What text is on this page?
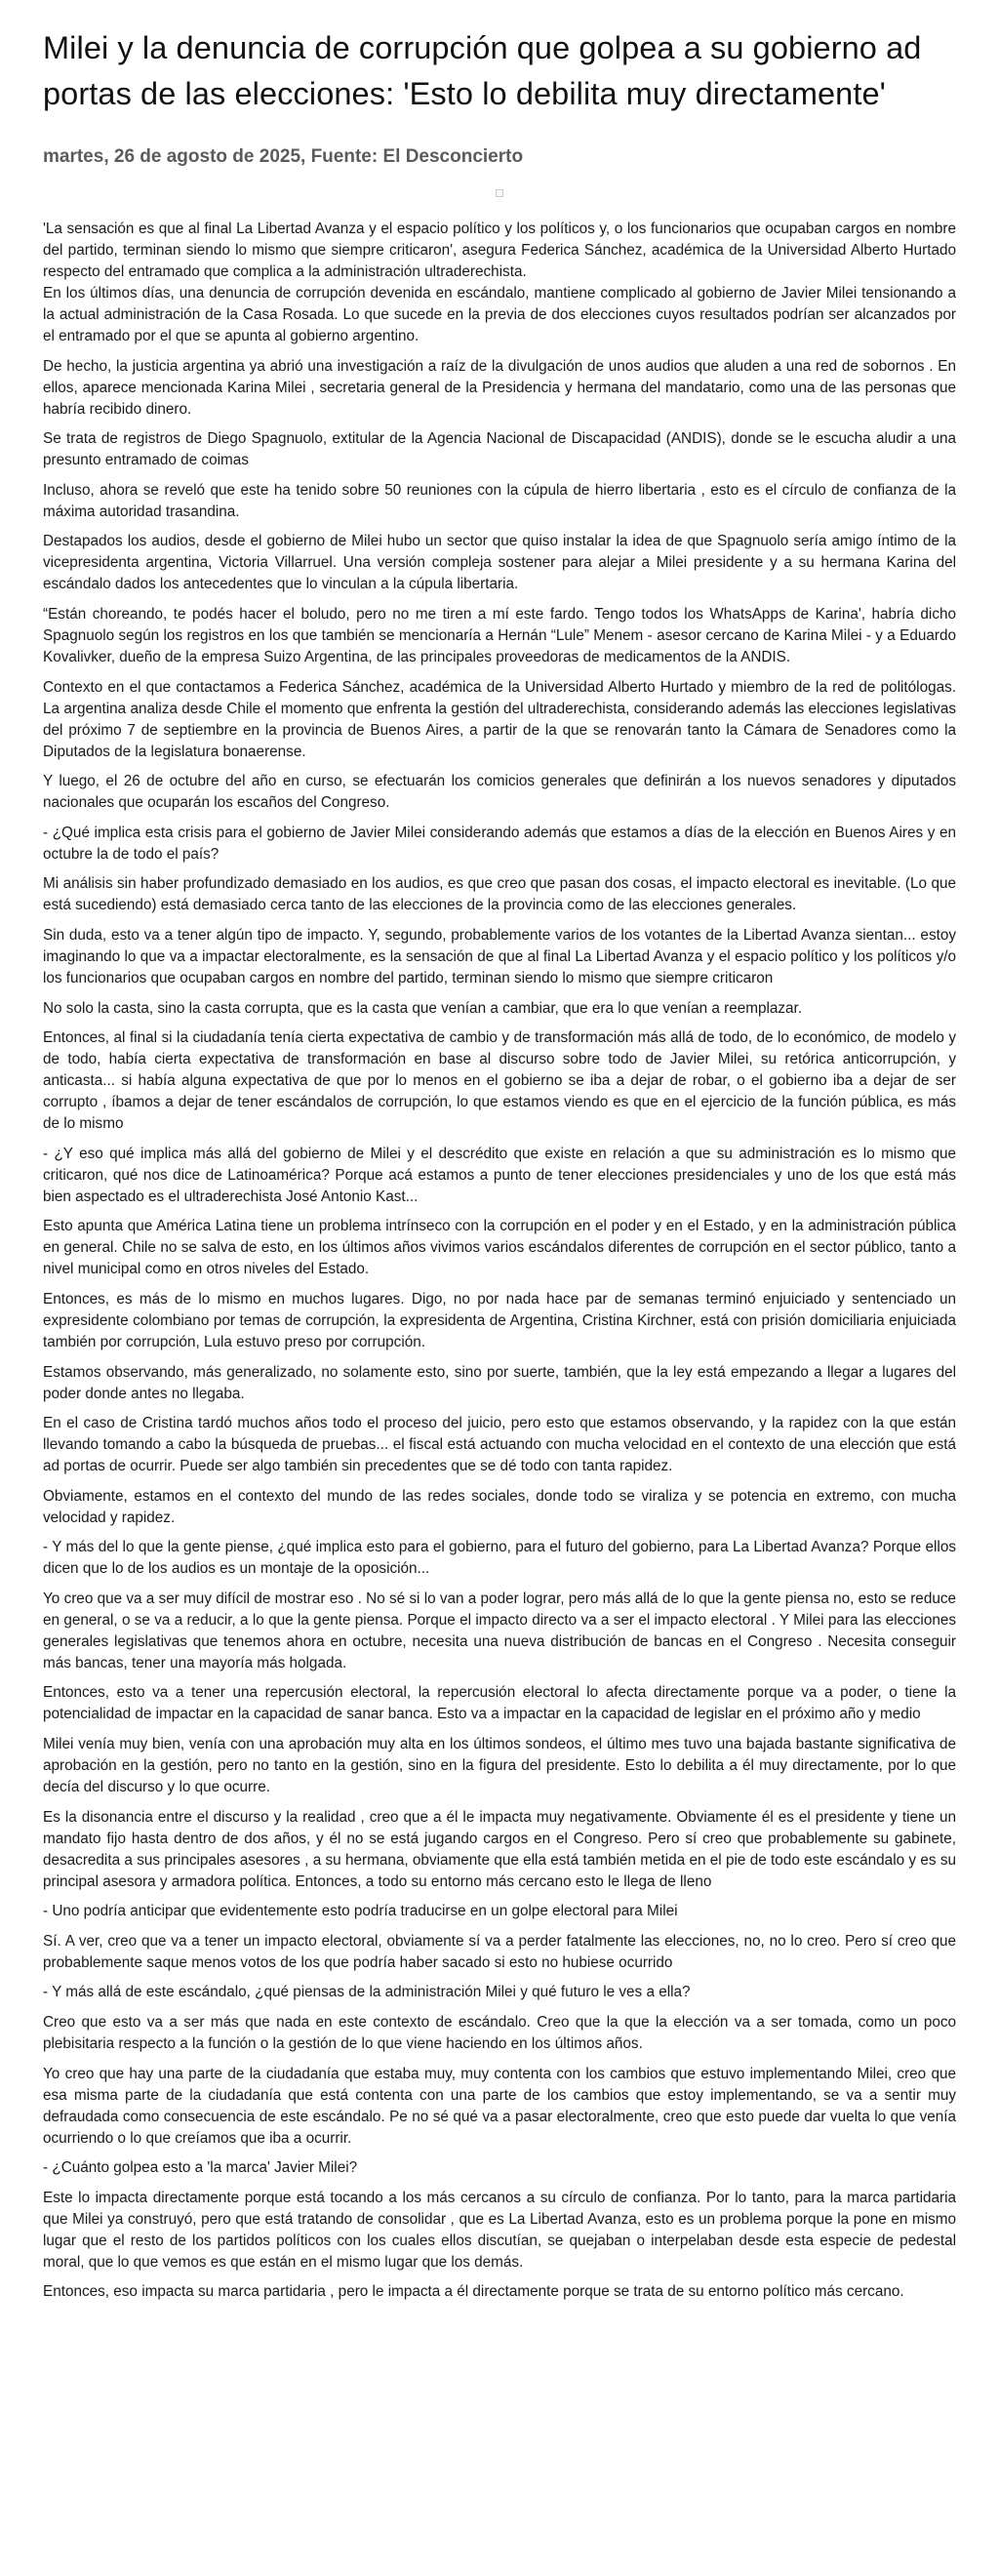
Milei y la denuncia de corrupción que golpea a su gobierno ad portas de las elecciones: 'Esto lo debilita muy directamente'
martes, 26 de agosto de 2025, Fuente: El Desconcierto

'La sensación es que al final La Libertad Avanza y el espacio político y los políticos y, o los funcionarios que ocupaban cargos en nombre del partido, terminan siendo lo mismo que siempre criticaron', asegura Federica Sánchez, académica de la Universidad Alberto Hurtado respecto del entramado que complica a la administración ultraderechista.

En los últimos días, una denuncia de corrupción devenida en escándalo, mantiene complicado al gobierno de Javier Milei tensionando a la actual administración de la Casa Rosada. Lo que sucede en la previa de dos elecciones cuyos resultados podrían ser alcanzados por el entramado por el que se apunta al gobierno argentino.

De hecho, la justicia argentina ya abrió una investigación a raíz de la divulgación de unos audios que aluden a una red de sobornos . En ellos, aparece mencionada Karina Milei , secretaria general de la Presidencia y hermana del mandatario, como una de las personas que habría recibido dinero.

Se trata de registros de Diego Spagnuolo, extitular de la Agencia Nacional de Discapacidad (ANDIS), donde se le escucha aludir a una presunto entramado de coimas

Incluso, ahora se reveló que este ha tenido sobre 50 reuniones con la cúpula de hierro libertaria , esto es el círculo de confianza de la máxima autoridad trasandina.

Destapados los audios, desde el gobierno de Milei hubo un sector que quiso instalar la idea de que Spagnuolo sería amigo íntimo de la vicepresidenta argentina, Victoria Villarruel. Una versión compleja sostener para alejar a Milei presidente y a su hermana Karina del escándalo dados los antecedentes que lo vinculan a la cúpula libertaria.

“Están choreando, te podés hacer el boludo, pero no me tiren a mí este fardo. Tengo todos los WhatsApps de Karina', habría dicho Spagnuolo según los registros en los que también se mencionaría a Hernán “Lule” Menem - asesor cercano de Karina Milei - y a Eduardo Kovalivker, dueño de la empresa Suizo Argentina, de las principales proveedoras de medicamentos de la ANDIS.

Contexto en el que contactamos a Federica Sánchez, académica de la Universidad Alberto Hurtado y miembro de la red de politólogas. La argentina analiza desde Chile el momento que enfrenta la gestión del ultraderechista, considerando además las elecciones legislativas del próximo 7 de septiembre en la provincia de Buenos Aires, a partir de la que se renovarán tanto la Cámara de Senadores como la Diputados de la legislatura bonaerense.

Y luego, el 26 de octubre del año en curso, se efectuarán los comicios generales que definirán a los nuevos senadores y diputados nacionales que ocuparán los escaños del Congreso.

- ¿Qué implica esta crisis para el gobierno de Javier Milei considerando además que estamos a días de la elección en Buenos Aires y en octubre la de todo el país?

Mi análisis sin haber profundizado demasiado en los audios, es que creo que pasan dos cosas, el impacto electoral es inevitable. (Lo que está sucediendo) está demasiado cerca tanto de las elecciones de la provincia como de las elecciones generales.

Sin duda, esto va a tener algún tipo de impacto. Y, segundo, probablemente varios de los votantes de la Libertad Avanza sientan... estoy imaginando lo que va a impactar electoralmente, es la sensación de que al final La Libertad Avanza y el espacio político y los políticos y/o los funcionarios que ocupaban cargos en nombre del partido, terminan siendo lo mismo que siempre criticaron

No solo la casta, sino la casta corrupta, que es la casta que venían a cambiar, que era lo que venían a reemplazar.

Entonces, al final si la ciudadanía tenía cierta expectativa de cambio y de transformación más allá de todo, de lo económico, de modelo y de todo, había cierta expectativa de transformación en base al discurso sobre todo de Javier Milei, su retórica anticorrupción, y anticasta... si había alguna expectativa de que por lo menos en el gobierno se iba a dejar de robar, o el gobierno iba a dejar de ser corrupto , íbamos a dejar de tener escándalos de corrupción, lo que estamos viendo es que en el ejercicio de la función pública, es más de lo mismo

- ¿Y eso qué implica más allá del gobierno de Milei y el descrédito que existe en relación a que su administración es lo mismo que criticaron, qué nos dice de Latinoamérica? Porque acá estamos a punto de tener elecciones presidenciales y uno de los que está más bien aspectado es el ultraderechista José Antonio Kast...

Esto apunta que América Latina tiene un problema intrínseco con la corrupción en el poder y en el Estado, y en la administración pública en general. Chile no se salva de esto, en los últimos años vivimos varios escándalos diferentes de corrupción en el sector público, tanto a nivel municipal como en otros niveles del Estado.

Entonces, es más de lo mismo en muchos lugares. Digo, no por nada hace par de semanas terminó enjuiciado y sentenciado un expresidente colombiano por temas de corrupción, la expresidenta de Argentina, Cristina Kirchner, está con prisión domiciliaria enjuiciada también por corrupción, Lula estuvo preso por corrupción.

Estamos observando, más generalizado, no solamente esto, sino por suerte, también, que la ley está empezando a llegar a lugares del poder donde antes no llegaba.

En el caso de Cristina tardó muchos años todo el proceso del juicio, pero esto que estamos observando, y la rapidez con la que están llevando tomando a cabo la búsqueda de pruebas... el fiscal está actuando con mucha velocidad en el contexto de una elección que está ad portas de ocurrir. Puede ser algo también sin precedentes que se dé todo con tanta rapidez.

Obviamente, estamos en el contexto del mundo de las redes sociales, donde todo se viraliza y se potencia en extremo, con mucha velocidad y rapidez.

- Y más del lo que la gente piense, ¿qué implica esto para el gobierno, para el futuro del gobierno, para La Libertad Avanza? Porque ellos dicen que lo de los audios es un montaje de la oposición...

Yo creo que va a ser muy difícil de mostrar eso . No sé si lo van a poder lograr, pero más allá de lo que la gente piensa no, esto se reduce en general, o se va a reducir, a lo que la gente piensa. Porque el impacto directo va a ser el impacto electoral . Y Milei para las elecciones generales legislativas que tenemos ahora en octubre, necesita una nueva distribución de bancas en el Congreso . Necesita conseguir más bancas, tener una mayoría más holgada.

Entonces, esto va a tener una repercusión electoral, la repercusión electoral lo afecta directamente porque va a poder, o tiene la potencialidad de impactar en la capacidad de sanar banca. Esto va a impactar en la capacidad de legislar en el próximo año y medio

Milei venía muy bien, venía con una aprobación muy alta en los últimos sondeos, el último mes tuvo una bajada bastante significativa de aprobación en la gestión, pero no tanto en la gestión, sino en la figura del presidente. Esto lo debilita a él muy directamente, por lo que decía del discurso y lo que ocurre.

Es la disonancia entre el discurso y la realidad , creo que a él le impacta muy negativamente. Obviamente él es el presidente y tiene un mandato fijo hasta dentro de dos años, y él no se está jugando cargos en el Congreso. Pero sí creo que probablemente su gabinete, desacredita a sus principales asesores , a su hermana, obviamente que ella está también metida en el pie de todo este escándalo y es su principal asesora y armadora política. Entonces, a todo su entorno más cercano esto le llega de lleno

- Uno podría anticipar que evidentemente esto podría traducirse en un golpe electoral para Milei

Sí. A ver, creo que va a tener un impacto electoral, obviamente sí va a perder fatalmente las elecciones, no, no lo creo. Pero sí creo que probablemente saque menos votos de los que podría haber sacado si esto no hubiese ocurrido

- Y más allá de este escándalo, ¿qué piensas de la administración Milei y qué futuro le ves a ella?

Creo que esto va a ser más que nada en este contexto de escándalo. Creo que la que la elección va a ser tomada, como un poco plebisitaria respecto a la función o la gestión de lo que viene haciendo en los últimos años.

Yo creo que hay una parte de la ciudadanía que estaba muy, muy contenta con los cambios que estuvo implementando Milei, creo que esa misma parte de la ciudadanía que está contenta con una parte de los cambios que estoy implementando, se va a sentir muy defraudada como consecuencia de este escándalo. Pe no sé qué va a pasar electoralmente, creo que esto puede dar vuelta lo que venía ocurriendo o lo que creíamos que iba a ocurrir.

- ¿Cuánto golpea esto a 'la marca' Javier Milei?

Este lo impacta directamente porque está tocando a los más cercanos a su círculo de confianza. Por lo tanto, para la marca partidaria que Milei ya construyó, pero que está tratando de consolidar , que es La Libertad Avanza, esto es un problema porque la pone en mismo lugar que el resto de los partidos políticos con los cuales ellos discutían, se quejaban o interpelaban desde esta especie de pedestal moral, que lo que vemos es que están en el mismo lugar que los demás.

Entonces, eso impacta su marca partidaria , pero le impacta a él directamente porque se trata de su entorno político más cercano.
